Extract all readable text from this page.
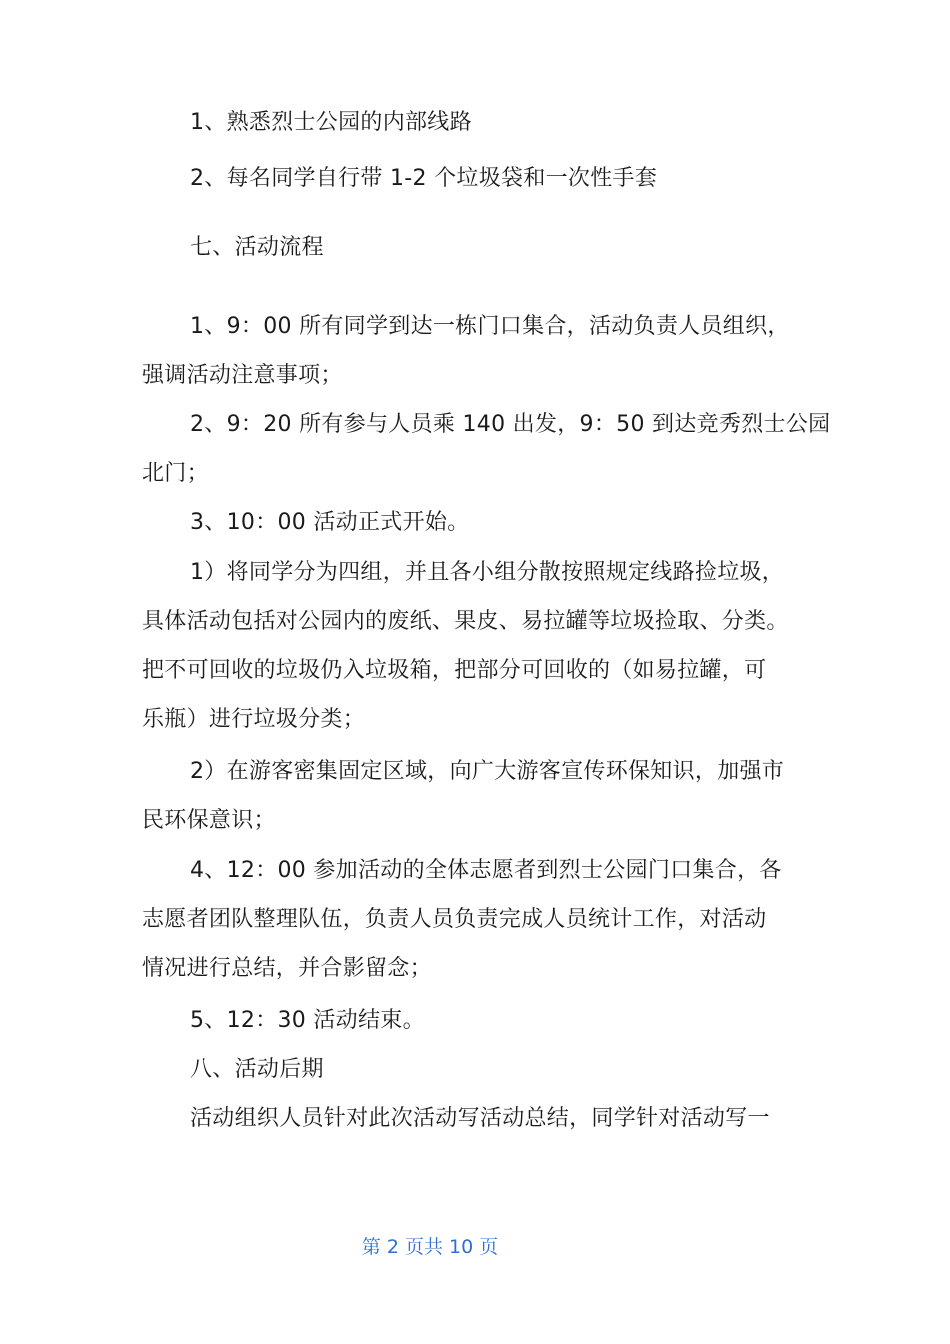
1、熟悉烈士公园的内部线路
2、每名同学自行带 1-2 个垃圾袋和一次性手套
七、活动流程
1、9：00 所有同学到达一栋门口集合，活动负责人员组织，
强调活动注意事项；
2、9：20 所有参与人员乘 140 出发，9：50 到达竞秀烈士公园
北门；
3、10：00 活动正式开始。
1）将同学分为四组，并且各小组分散按照规定线路捡垃圾，
具体活动包括对公园内的废纸、果皮、易拉罐等垃圾捡取、分类。
把不可回收的垃圾仍入垃圾箱，把部分可回收的（如易拉罐，可
乐瓶）进行垃圾分类；
2）在游客密集固定区域，向广大游客宣传环保知识，加强市
民环保意识；
4、12：00 参加活动的全体志愿者到烈士公园门口集合，各
志愿者团队整理队伍，负责人员负责完成人员统计工作，对活动
情况进行总结，并合影留念；
5、12：30 活动结束。
八、活动后期
活动组织人员针对此次活动写活动总结，同学针对活动写一
第 2 页共 10 页
